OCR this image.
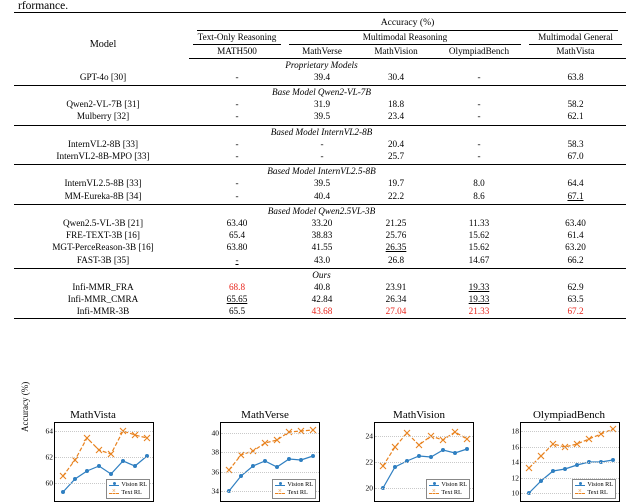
rformance.

	Accuracy (%)				

Model	Text-Only Reasoning	Multimodal Reasoning			Multimodal General

	MATH500	MathVerse	MathVision	OlympiadBench	MathVista
Proprietary Models					
GPT-4o [30]	-	39.4	30.4	-	63.8

Base Model Qwen2-VL-7B					
Qwen2-VL-7B [31]	-	31.9	18.8	-	58.2
Mulberry [32]	-	39.5	23.4	-	62.1

Based Model InternVL2-8B					
InternVL2-8B [33]	-	-	20.4	-	58.3
InternVL2-8B-MPO [33]	-	-	25.7	-	67.0

Based Model InternVL2.5-8B					
InternVL2.5-8B [33]	-	39.5	19.7	8.0	64.4
MM-Eureka-8B [34]	-	40.4	22.2	8.6	67.1

Based Model Qwen2.5VL-3B					
Qwen2.5-VL-3B [21]	63.40	33.20	21.25	11.33	63.40
FRE-TEXT-3B [16]	65.4	38.83	25.76	15.62	61.4
MGT-PerceReason-3B [16]	63.80	41.55	26.35	15.62	63.20
FAST-3B [35]	-	43.0	26.8	14.67	66.2

Ours					
Infi-MMR_FRA	68.8	40.8	23.91	19.33	62.9
Infi-MMR_CMRA	65.65	42.84	26.34	19.33	63.5
Infi-MMR-3B	65.5	43.68	27.04	21.33	67.2
MathVista
Accuracy (%)
60
62
64
Vision RL
×
Text RL
MathVerse
34
36
38
40
Vision RL
×
Text RL
MathVision
20
22
24
Vision RL
×
Text RL
OlympiadBench
10
12
14
16
18
Vision RL
×
Text RL
